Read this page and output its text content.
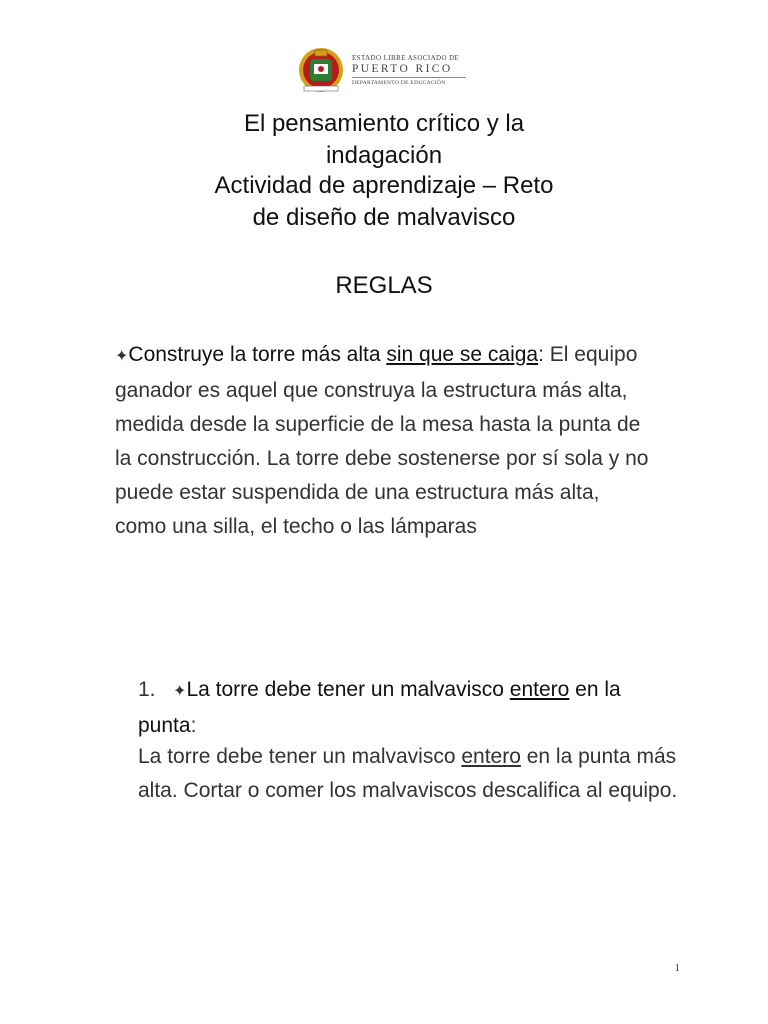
ESTADO LIBRE ASOCIADO DE
PUERTO RICO
DEPARTAMENTO DE EDUCACIÓN
El pensamiento crítico y la indagación
Actividad de aprendizaje – Reto de diseño de malvavisco
REGLAS
✦Construye la torre más alta sin que se caiga: El equipo ganador es aquel que construya la estructura más alta, medida desde la superficie de la mesa hasta la punta de la construcción. La torre debe sostenerse por sí sola y no puede estar suspendida de una estructura más alta, como una silla, el techo o las lámparas
1. ✦La torre debe tener un malvavisco entero en la punta:
La torre debe tener un malvavisco entero en la punta más alta. Cortar o comer los malvaviscos descalifica al equipo.
1
